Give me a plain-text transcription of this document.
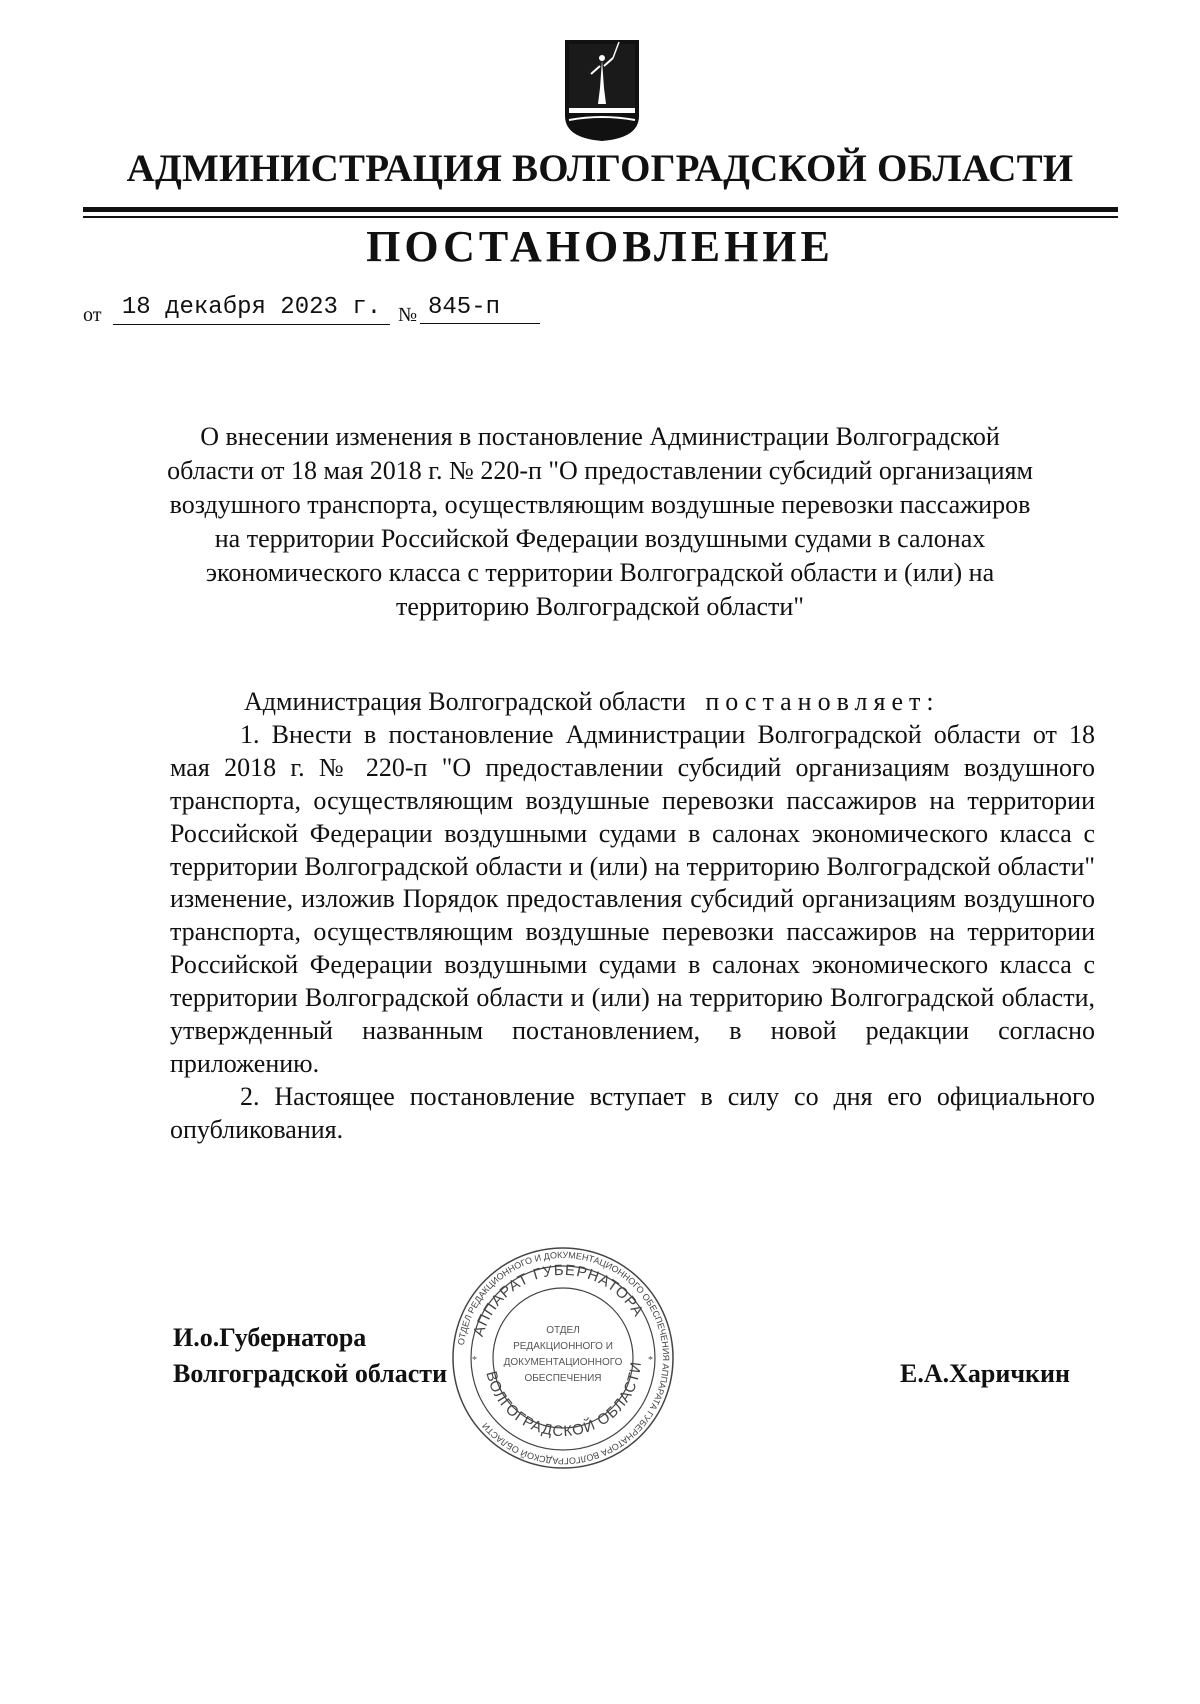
АДМИНИСТРАЦИЯ ВОЛГОГРАДСКОЙ ОБЛАСТИ
ПОСТАНОВЛЕНИЕ
от 18 декабря 2023 г. № 845-п
О внесении изменения в постановление Администрации Волгоградской области от 18 мая 2018 г. № 220-п "О предоставлении субсидий организациям воздушного транспорта, осуществляющим воздушные перевозки пассажиров на территории Российской Федерации воздушными судами в салонах экономического класса с территории Волгоградской области и (или) на территорию Волгоградской области"

Администрация Волгоградской области постановляет:

1. Внести в постановление Администрации Волгоградской области от 18 мая 2018 г. № 220-п "О предоставлении субсидий организациям воздушного транспорта, осуществляющим воздушные перевозки пассажиров на территории Российской Федерации воздушными судами в салонах экономического класса с территории Волгоградской области и (или) на территорию Волгоградской области" изменение, изложив Порядок предоставления субсидий организациям воздушного транспорта, осуществляющим воздушные перевозки пассажиров на территории Российской Федерации воздушными судами в салонах экономического класса с территории Волгоградской области и (или) на территорию Волгоградской области, утвержденный названным постановлением, в новой редакции согласно приложению.

2. Настоящее постановление вступает в силу со дня его официального опубликования.

И.о.Губернатора
Волгоградской области	Е.А.Харичкин
ОТДЕЛ РЕДАКЦИОННОГО И ДОКУМЕНТАЦИОННОГО ОБЕСПЕЧЕНИЯ АППАРАТА ГУБЕРНАТОРА ВОЛГОГРАДСКОЙ ОБЛАСТИ
АППАРАТ ГУБЕРНАТОРА
ВОЛГОГРАДСКОЙ ОБЛАСТИ
ОТДЕЛ
РЕДАКЦИОННОГО И
ДОКУМЕНТАЦИОННОГО
ОБЕСПЕЧЕНИЯ
*	*
